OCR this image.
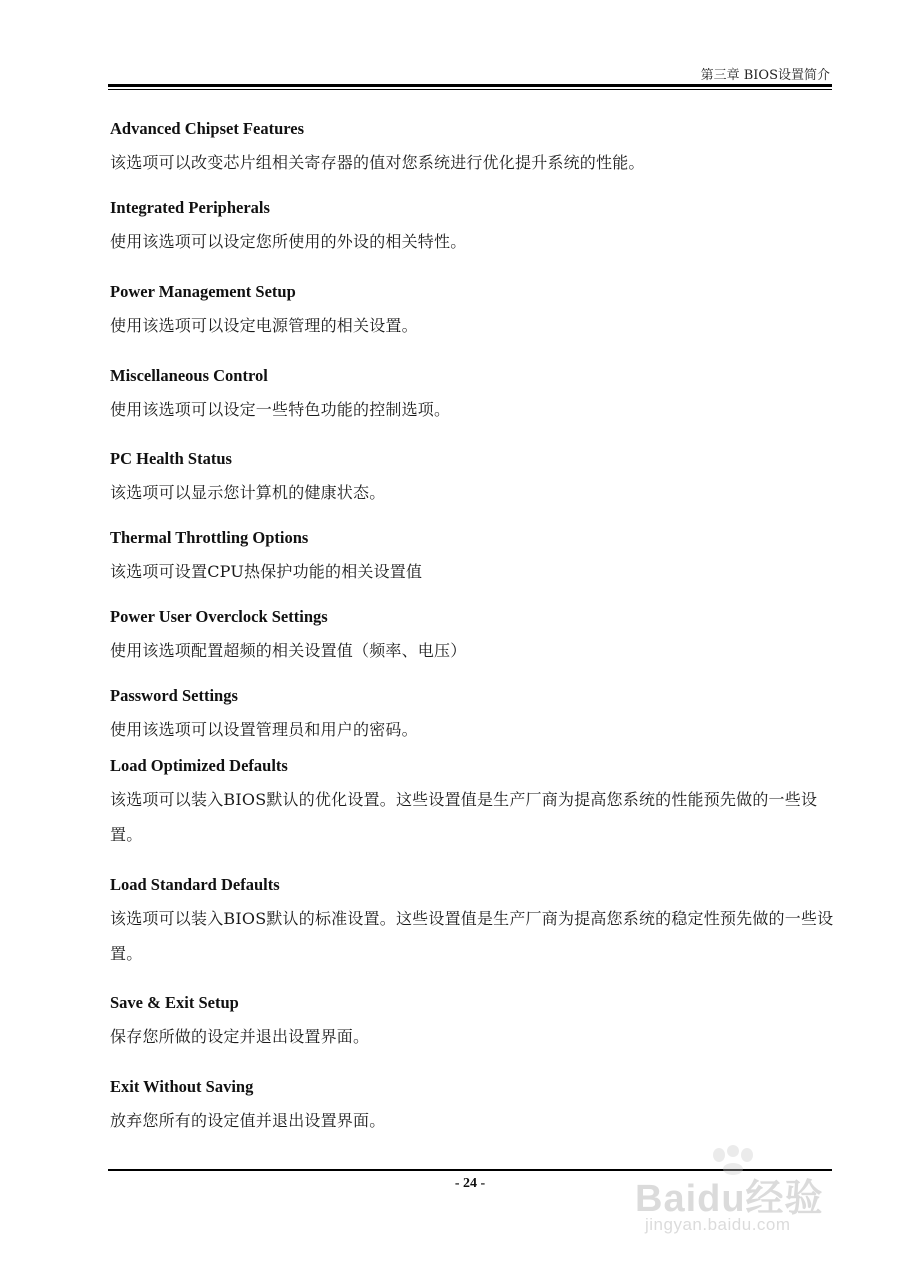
第三章 BIOS设置简介
Advanced Chipset Features
该选项可以改变芯片组相关寄存器的值对您系统进行优化提升系统的性能。
Integrated Peripherals
使用该选项可以设定您所使用的外设的相关特性。
Power Management Setup
使用该选项可以设定电源管理的相关设置。
Miscellaneous Control
使用该选项可以设定一些特色功能的控制选项。
PC Health Status
该选项可以显示您计算机的健康状态。
Thermal Throttling Options
该选项可设置CPU热保护功能的相关设置值
Power User Overclock Settings
使用该选项配置超频的相关设置值（频率、电压）
Password Settings
使用该选项可以设置管理员和用户的密码。
Load Optimized Defaults
该选项可以装入BIOS默认的优化设置。这些设置值是生产厂商为提高您系统的性能预先做的一些设置。
Load Standard Defaults
该选项可以装入BIOS默认的标准设置。这些设置值是生产厂商为提高您系统的稳定性预先做的一些设置。
Save & Exit Setup
保存您所做的设定并退出设置界面。
Exit Without Saving
放弃您所有的设定值并退出设置界面。
- 24 -	Baidu经验
jingyan.baidu.com
